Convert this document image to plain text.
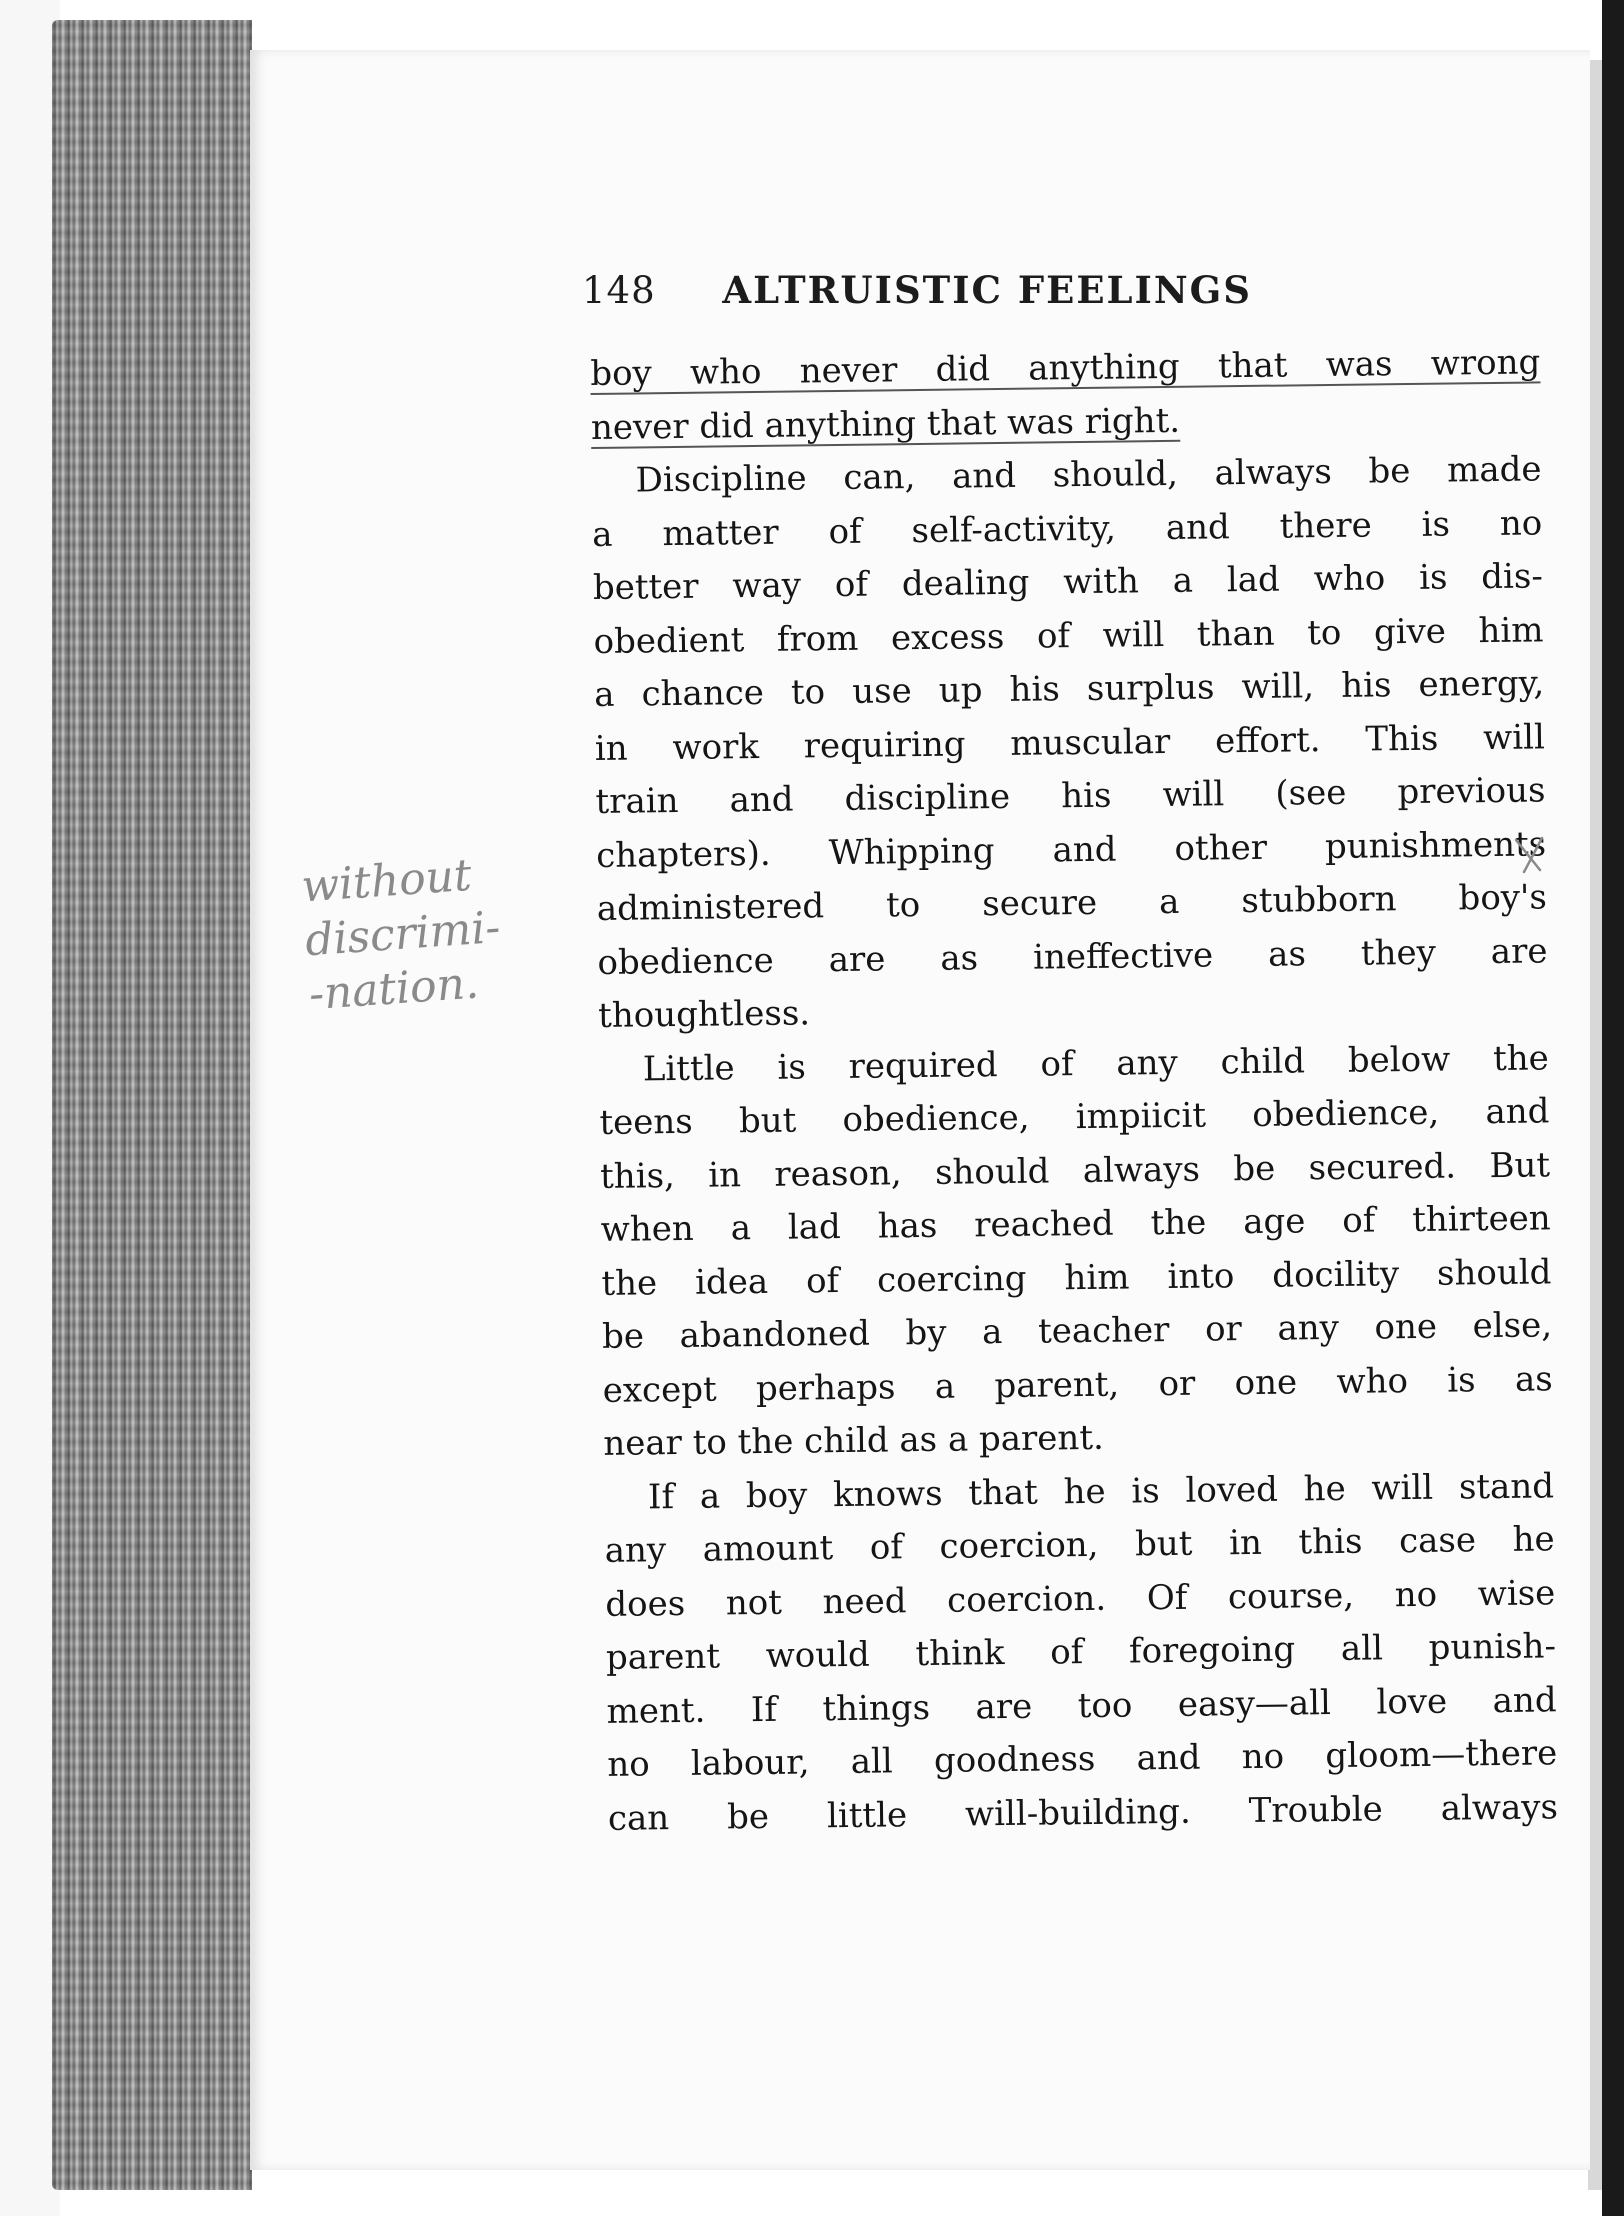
148 ALTRUISTIC FEELINGS
boy who never did anything that was wrong
never did anything that was right.
Discipline can, and should, always be made
a matter of self-activity, and there is no
better way of dealing with a lad who is dis-
obedient from excess of will than to give him
a chance to use up his surplus will, his energy,
in work requiring muscular effort. This will
train and discipline his will (see previous
chapters). Whipping and other punishments
administered to secure a stubborn boy's
obedience are as ineffective as they are
thoughtless.
Little is required of any child below the
teens but obedience, impiicit obedience, and
this, in reason, should always be secured. But
when a lad has reached the age of thirteen
the idea of coercing him into docility should
be abandoned by a teacher or any one else,
except perhaps a parent, or one who is as
near to the child as a parent.
If a boy knows that he is loved he will stand
any amount of coercion, but in this case he
does not need coercion. Of course, no wise
parent would think of foregoing all punish-
ment. If things are too easy—all love and
no labour, all goodness and no gloom—there
can be little will-building. Trouble always
without
discrimi-
-nation.
